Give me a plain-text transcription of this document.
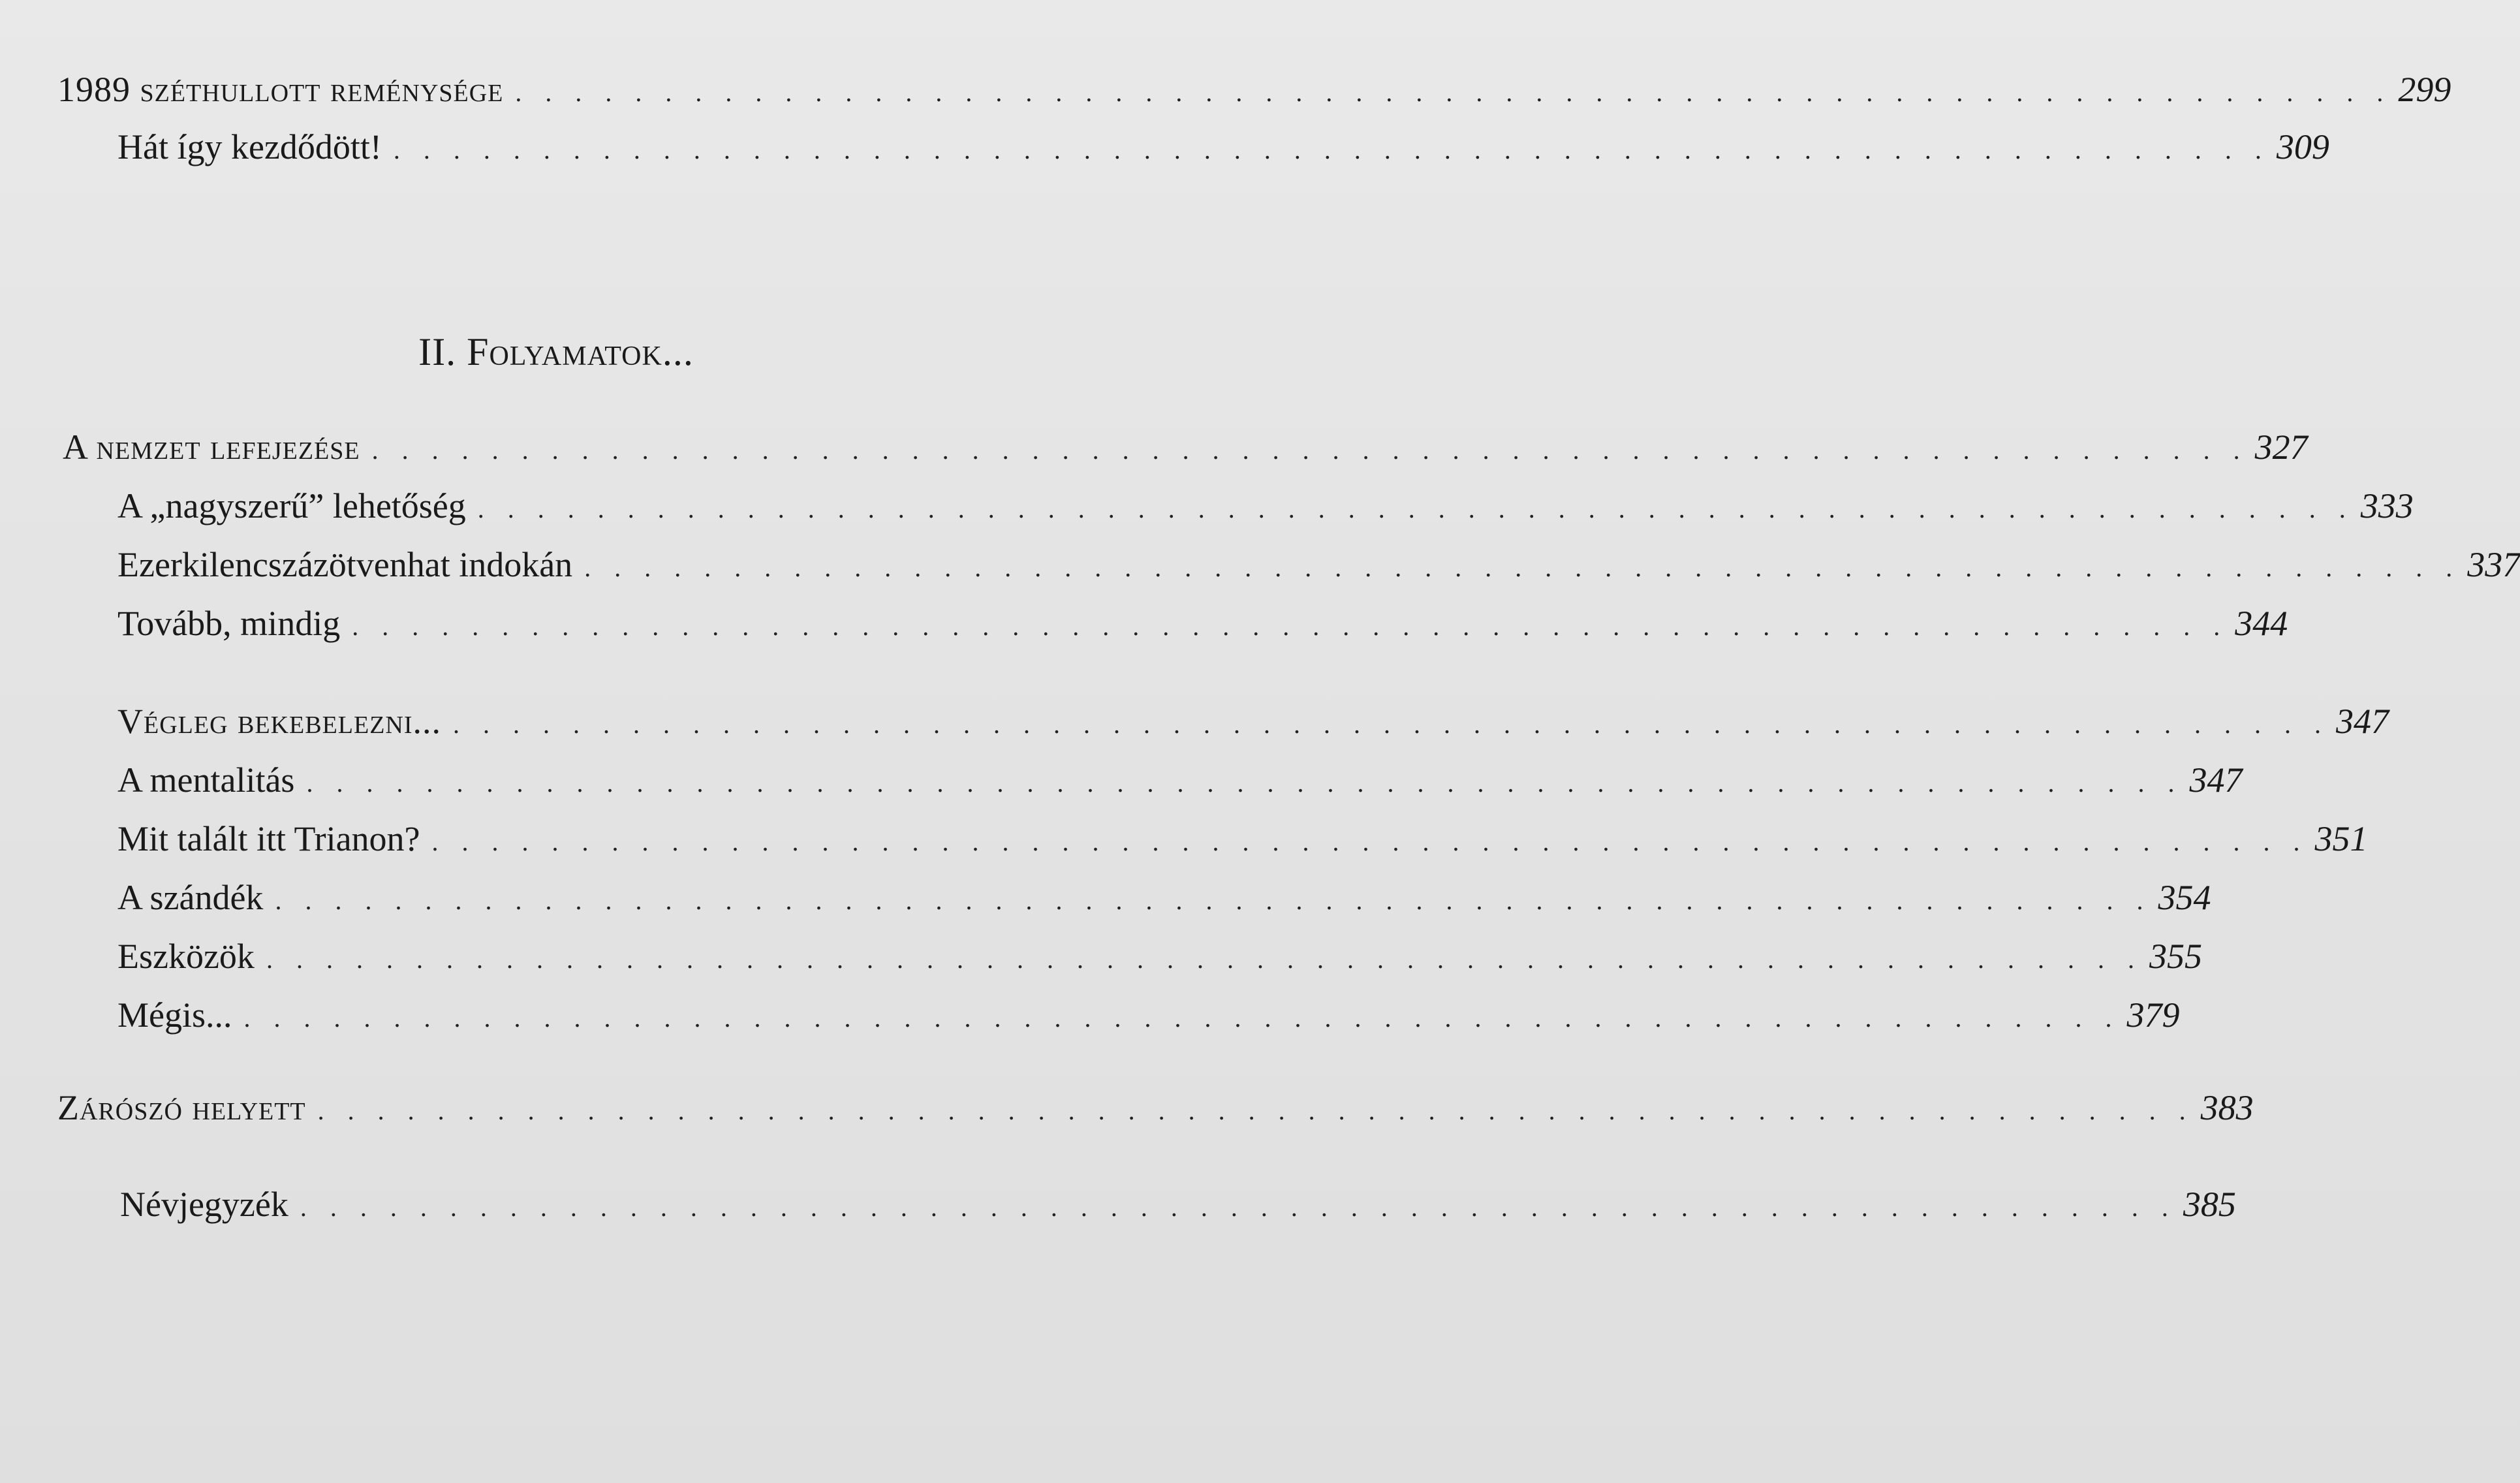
1989 széthullott reménysége . . . . . . . . . . . . . . . . . . . . . . . . . . . . . . . . . . . . . . . . . . . . . . . . . . . . . . . . . . . . . . . 299
Hát így kezdődött! . . . . . . . . . . . . . . . . . . . . . . . . . . . . . . . . . . . . . . . . . . . . . . . . . . . . . . . . . . . . . . . 309
II. Folyamatok...
A nemzet lefejezése . . . . . . . . . . . . . . . . . . . . . . . . . . . . . . . . . . . . . . . . . . . . . . . . . . . . . . . . . . . . . . . 327
A „nagyszerű” lehetőség . . . . . . . . . . . . . . . . . . . . . . . . . . . . . . . . . . . . . . . . . . . . . . . . . . . . . . . . . . . . . . . 333
Ezerkilencszázötvenhat indokán . . . . . . . . . . . . . . . . . . . . . . . . . . . . . . . . . . . . . . . . . . . . . . . . . . . . . . . . . . . . . . . 337
Tovább, mindig . . . . . . . . . . . . . . . . . . . . . . . . . . . . . . . . . . . . . . . . . . . . . . . . . . . . . . . . . . . . . . . 344
Végleg bekebelezni... . . . . . . . . . . . . . . . . . . . . . . . . . . . . . . . . . . . . . . . . . . . . . . . . . . . . . . . . . . . . . . . 347
A mentalitás . . . . . . . . . . . . . . . . . . . . . . . . . . . . . . . . . . . . . . . . . . . . . . . . . . . . . . . . . . . . . . . 347
Mit talált itt Trianon? . . . . . . . . . . . . . . . . . . . . . . . . . . . . . . . . . . . . . . . . . . . . . . . . . . . . . . . . . . . . . . . 351
A szándék . . . . . . . . . . . . . . . . . . . . . . . . . . . . . . . . . . . . . . . . . . . . . . . . . . . . . . . . . . . . . . . 354
Eszközök . . . . . . . . . . . . . . . . . . . . . . . . . . . . . . . . . . . . . . . . . . . . . . . . . . . . . . . . . . . . . . . 355
Mégis... . . . . . . . . . . . . . . . . . . . . . . . . . . . . . . . . . . . . . . . . . . . . . . . . . . . . . . . . . . . . . . . 379
Zárószó helyett . . . . . . . . . . . . . . . . . . . . . . . . . . . . . . . . . . . . . . . . . . . . . . . . . . . . . . . . . . . . . . . 383
Névjegyzék . . . . . . . . . . . . . . . . . . . . . . . . . . . . . . . . . . . . . . . . . . . . . . . . . . . . . . . . . . . . . . . 385
